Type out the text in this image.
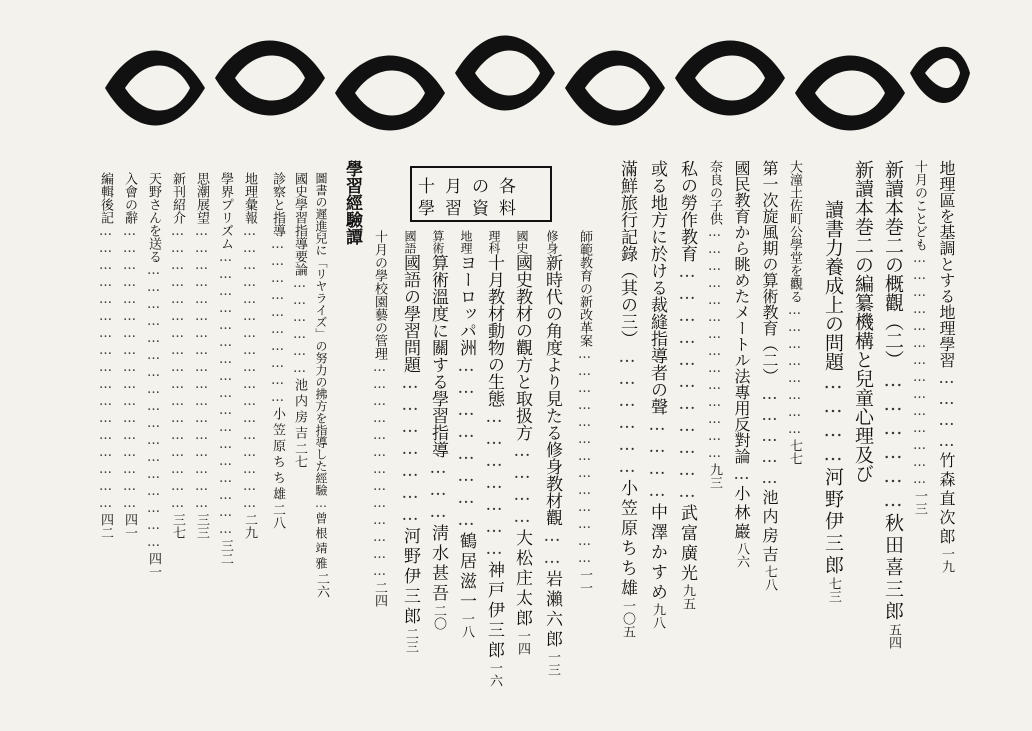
地理區を基調とする地理學習…………竹森直次郎一九
十月のことども……………………………………一三
新讀本巻二の概觀（二）………………秋田喜三郎五四
新讀本巻二の編纂機構と兒童心理及び
讀書力養成上の問題…………河野伊三郎七三
大潼土佐町公學堂を觀る……………………七七
第一次旋風期の算術教育（二）……………池内房吉七八
國民教育から眺めたメートル法專用反對論…小林巖八六
奈良の子供……………………………………九三
私の勞作教育……………………………武富廣光九五
或る地方に於ける裁縫指導者の聲…………中澤かすめ九八
滿鮮旅行記錄（其の三）………………小笠原ちち雄一〇五
師範教育の新改革案…………………………………一一
十月の各
學習資料
修身新時代の角度より見たる修身教材觀……岩瀨六郎一三
國史國史教材の觀方と取扱方…………大松庄太郎一四
理科十月教材動物の生態…………………神戸伊三郎一六
地理ヨーロッパ洲……………………鶴居滋一一八
算術算術溫度に關する學習指導………淸水甚吾二〇
國語國語の學習問題…………………河野伊三郎二三
十月の學校園藝の管理…………………………………二四
學習經驗譚
圖書の遲進兒に「リヤライズ」の努力の拂方を指導した經驗…曾根靖雅二六
國史學習指導要論………………池内房吉二七
診察と指導…………………………小笠原ちち雄二八
地理彙報……………………………………………二九
學界プリズム……………………………………………三二
思潮展望……………………………………………三三
新刊紹介……………………………………………三七
天野さんを送る……………………………………………四一
入會の辭……………………………………………四一
編輯後記……………………………………………四二
